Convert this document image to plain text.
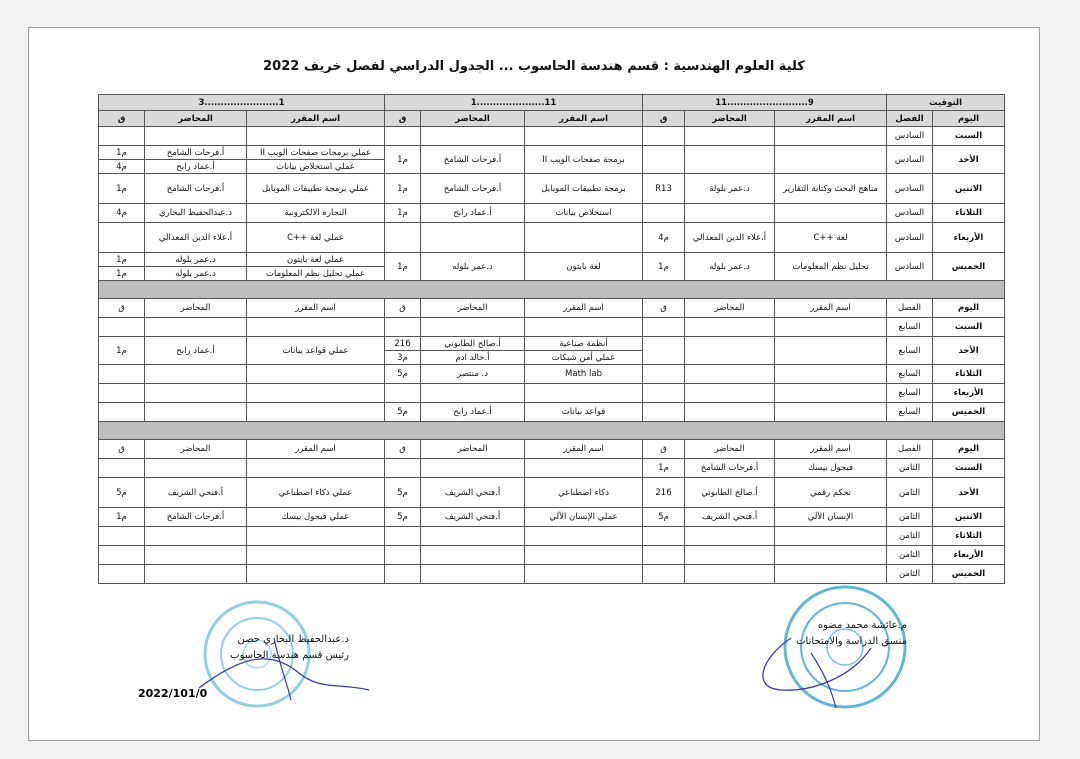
كلية العلوم الهندسية : قسم هندسة الحاسوب ... الجدول الدراسي لفصل خريف 2022
التوقيت		9.........................11			11.....................1			1.......................3		
اليوم	الفصل	اسم المقرر	المحاضر	ق	اسم المقرر	المحاضر	ق	اسم المقرر	المحاضر	ق
السبت	السادس									
الأحد	السادس				برمجة صفحات الويب II	أ.فرحات الشامخ	م1	عملي برمجات صفحات الويب II	أ.فرحات الشامخ	م1
								عملي استخلاص بيانات	أ.عماد رابح	م4
الاثنين	السادس	مناهج البحث وكتابة التقارير	د.عمر بلولة	R13	برمجة تطبيقات الموبايل	أ.فرحات الشامخ	م1	عملي برمجة تطبيقات الموبايل	أ.فرحات الشامخ	م1
الثلاثاء	السادس				استخلاص بيانات	أ.عماد رابح	م1	التجارة الالكترونية	د.عبدالحفيظ البخاري	م4
الأربعاء	السادس	لغة ++C	أ.علاء الدين المعدالي	م4				عملي لغة ++C	أ.علاء الدين المعدالي	
الخميس	السادس	تحليل نظم المعلومات	د.عمر بلوله	م1	لغة بايثون	د.عمر بلوله	م1	عملي لغة بايثون	د.عمر بلوله	م1
								عملي تحليل نظم المعلومات	د.عمر بلوله	م1

اليوم	الفصل	اسم المقرر	المحاضر	ق	اسم المقرر	المحاضر	ق	اسم المقرر	المحاضر	ق
السبت	السابع									
الأحد	السابع				أنظمة صناعية	أ.صالح الطابوني	216	عملي قواعد بيانات	أ.عماد رابح	م1
					عملي أمن شبكات	أ.خالد ادم	م3			
الثلاثاء	السابع				Math lab	د. منتصر	م5			
الأربعاء	السابع									
الخميس	السابع				قواعد بيانات	أ.عماد رابح	م5			

اليوم	الفصل	اسم المقرر	المحاضر	ق	اسم المقرر	المحاضر	ق	اسم المقرر	المحاضر	ق
السبت	الثامن	فيجول بيسك	أ.فرحات الشامخ	م1						
الأحد	الثامن	تحكم رقمي	أ.صالح الطابوني	216	ذكاء اصطناعي	أ.فتحي الشريف	م5	عملي ذكاء اصطناعي	أ.فتحي الشريف	م5
الاثنين	الثامن	الإنسان الآلي	أ.فتحي الشريف	م5	عملي الإنسان الآلي	أ.فتحي الشريف	م5	عملي فيجول بيسك	أ.فرحات الشامخ	م1
الثلاثاء	الثامن									
الأربعاء	الثامن									
الخميس	الثامن									
د.عبدالحفيظ البخاري حصن
رئيس قسم هندسة الحاسوب
م.عائشة محمد مضوه
منسق الدراسة والامتحانات
2022/101/0
